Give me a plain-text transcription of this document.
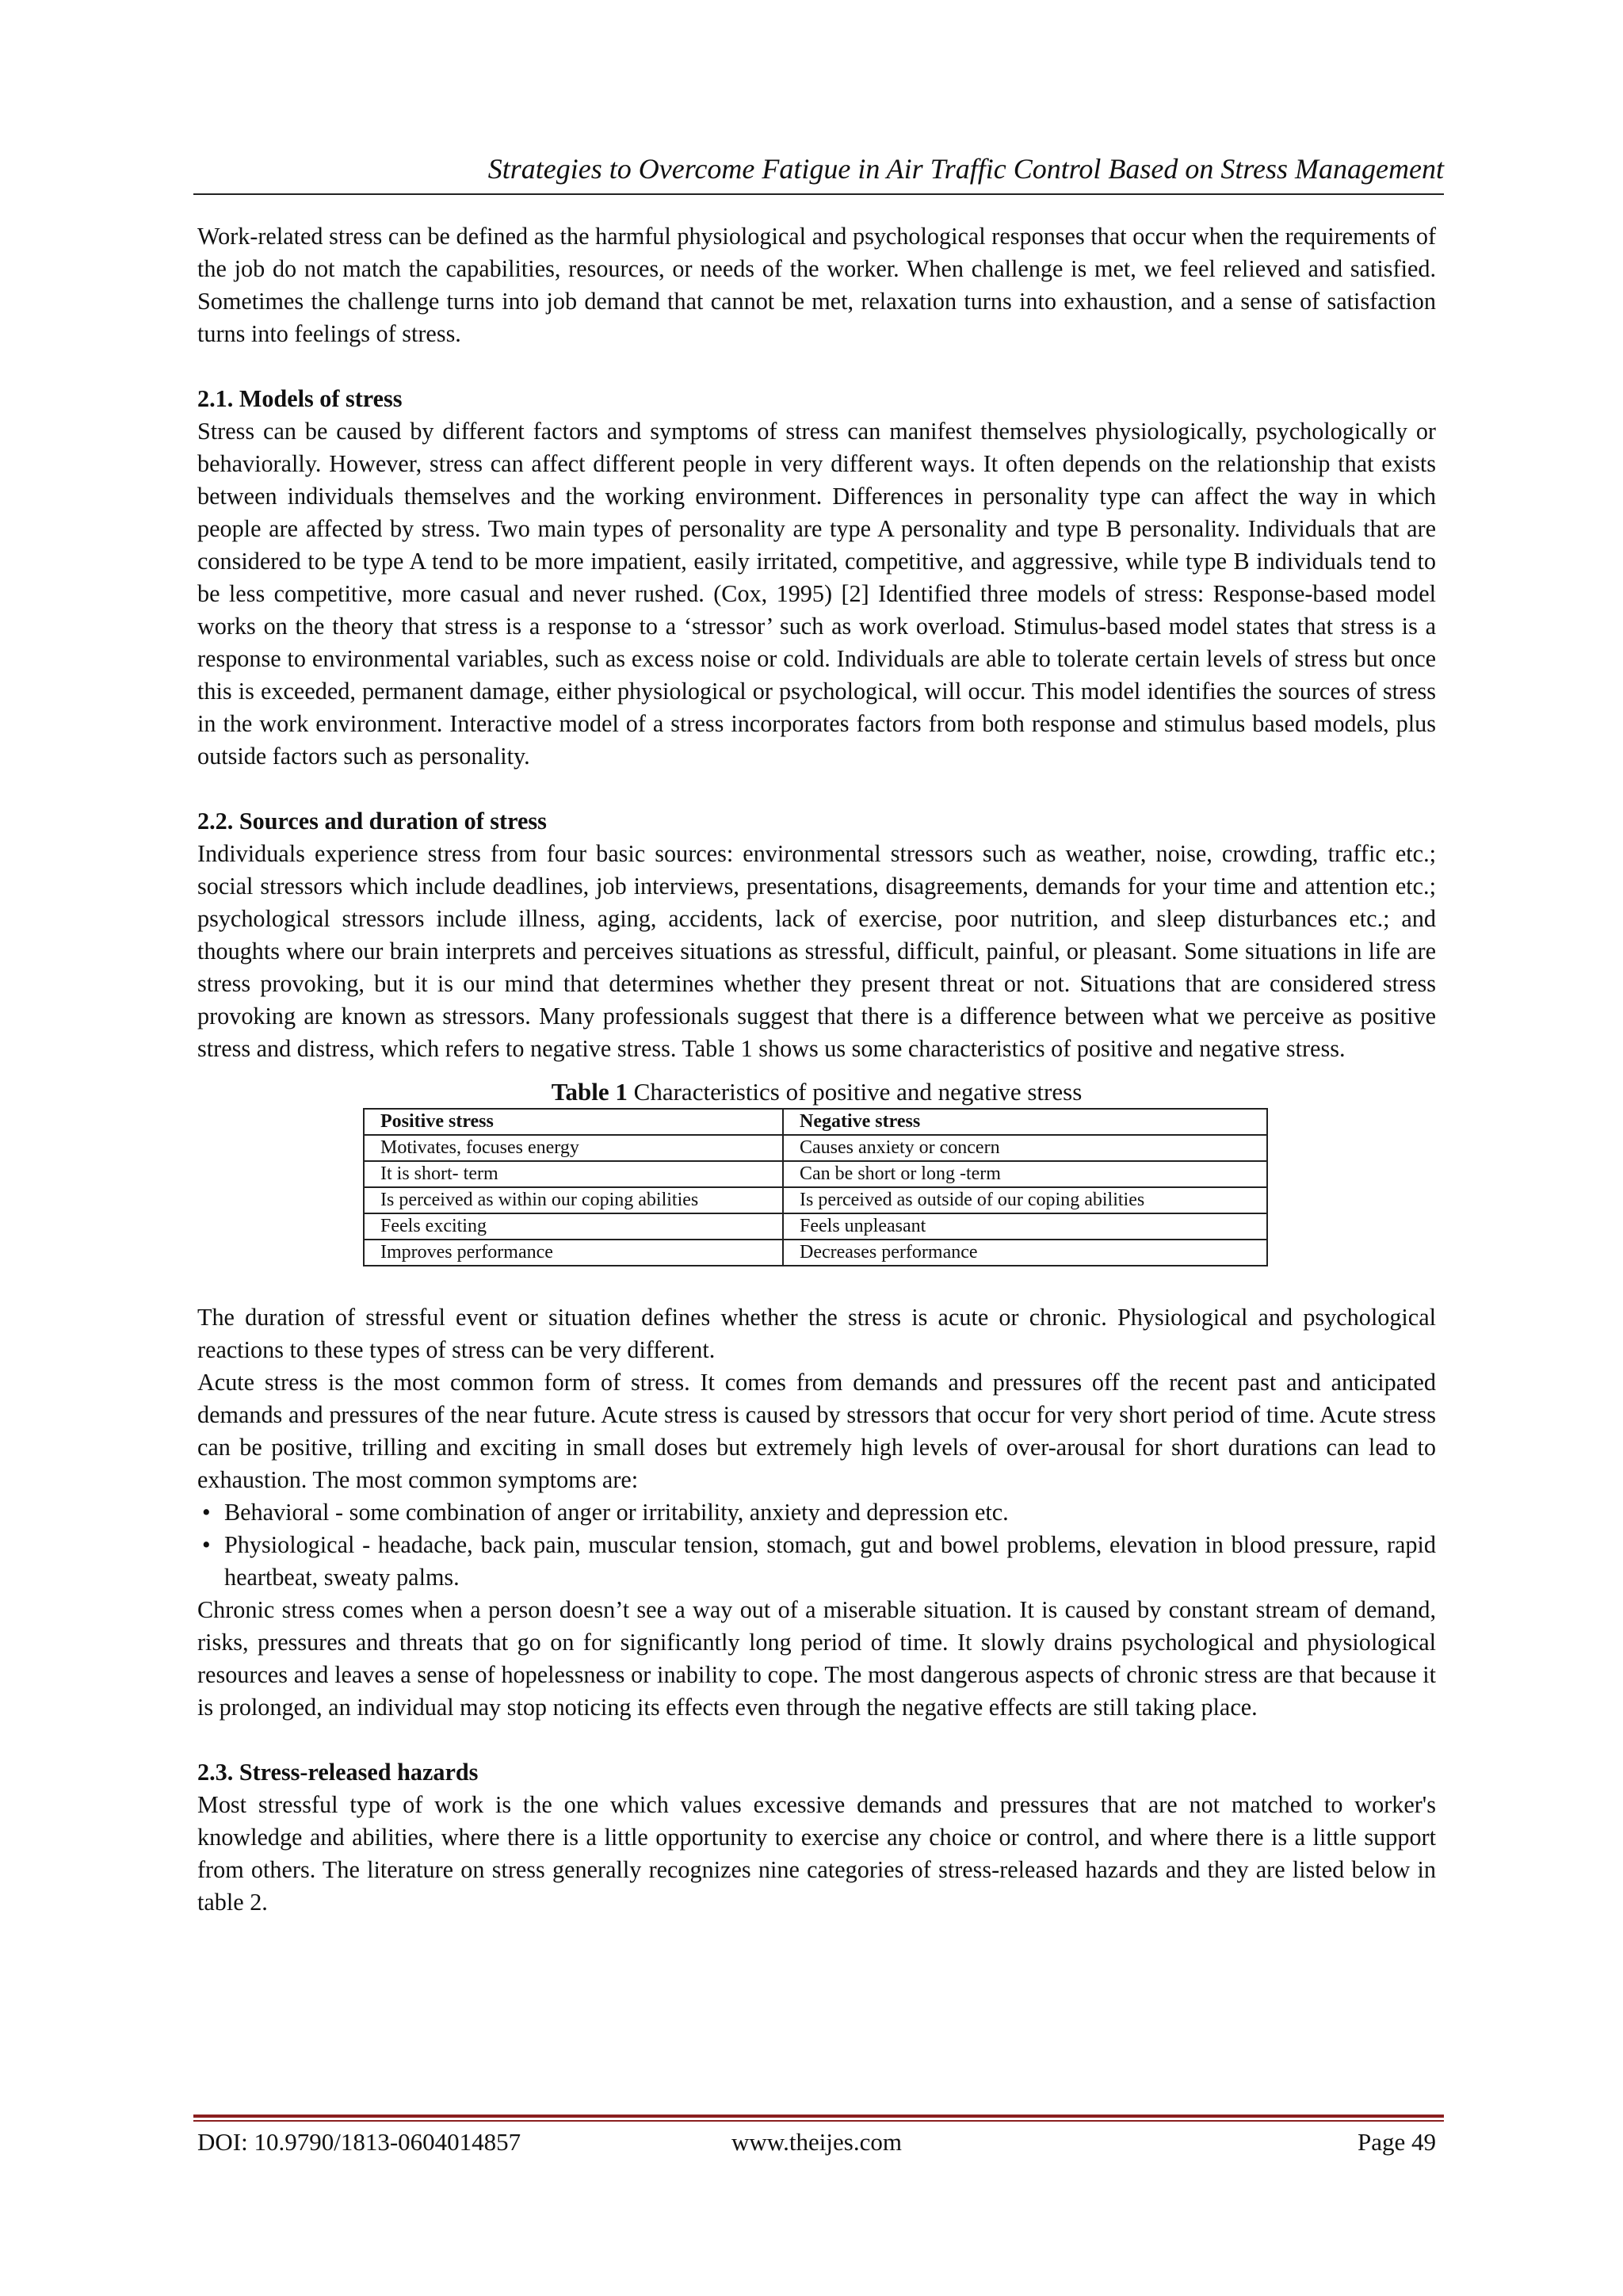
Strategies to Overcome Fatigue in Air Traffic Control Based on Stress Management

Work-related stress can be defined as the harmful physiological and psychological responses that occur when the requirements of the job do not match the capabilities, resources, or needs of the worker. When challenge is met, we feel relieved and satisfied. Sometimes the challenge turns into job demand that cannot be met, relaxation turns into exhaustion, and a sense of satisfaction turns into feelings of stress.

2.1. Models of stress

Stress can be caused by different factors and symptoms of stress can manifest themselves physiologically, psychologically or behaviorally. However, stress can affect different people in very different ways. It often depends on the relationship that exists between individuals themselves and the working environment. Differences in personality type can affect the way in which people are affected by stress. Two main types of personality are type A personality and type B personality. Individuals that are considered to be type A tend to be more impatient, easily irritated, competitive, and aggressive, while type B individuals tend to be less competitive, more casual and never rushed. (Cox, 1995) [2] Identified three models of stress: Response-based model works on the theory that stress is a response to a ‘stressor’ such as work overload. Stimulus-based model states that stress is a response to environmental variables, such as excess noise or cold. Individuals are able to tolerate certain levels of stress but once this is exceeded, permanent damage, either physiological or psychological, will occur. This model identifies the sources of stress in the work environment. Interactive model of a stress incorporates factors from both response and stimulus based models, plus outside factors such as personality.

2.2. Sources and duration of stress

Individuals experience stress from four basic sources: environmental stressors such as weather, noise, crowding, traffic etc.; social stressors which include deadlines, job interviews, presentations, disagreements, demands for your time and attention etc.; psychological stressors include illness, aging, accidents, lack of exercise, poor nutrition, and sleep disturbances etc.; and thoughts where our brain interprets and perceives situations as stressful, difficult, painful, or pleasant. Some situations in life are stress provoking, but it is our mind that determines whether they present threat or not. Situations that are considered stress provoking are known as stressors. Many professionals suggest that there is a difference between what we perceive as positive stress and distress, which refers to negative stress. Table 1 shows us some characteristics of positive and negative stress.

Table 1 Characteristics of positive and negative stress
Positive stress	Negative stress
Motivates, focuses energy	Causes anxiety or concern
It is short- term	Can be short or long -term
Is perceived as within our coping abilities	Is perceived as outside of our coping abilities
Feels exciting	Feels unpleasant
Improves performance	Decreases performance

The duration of stressful event or situation defines whether the stress is acute or chronic. Physiological and psychological reactions to these types of stress can be very different.

Acute stress is the most common form of stress. It comes from demands and pressures off the recent past and anticipated demands and pressures of the near future. Acute stress is caused by stressors that occur for very short period of time. Acute stress can be positive, trilling and exciting in small doses but extremely high levels of over-arousal for short durations can lead to exhaustion. The most common symptoms are:

• Behavioral - some combination of anger or irritability, anxiety and depression etc.
• Physiological - headache, back pain, muscular tension, stomach, gut and bowel problems, elevation in blood pressure, rapid heartbeat, sweaty palms.

Chronic stress comes when a person doesn’t see a way out of a miserable situation. It is caused by constant stream of demand, risks, pressures and threats that go on for significantly long period of time. It slowly drains psychological and physiological resources and leaves a sense of hopelessness or inability to cope. The most dangerous aspects of chronic stress are that because it is prolonged, an individual may stop noticing its effects even through the negative effects are still taking place.

2.3. Stress-released hazards

Most stressful type of work is the one which values excessive demands and pressures that are not matched to worker's knowledge and abilities, where there is a little opportunity to exercise any choice or control, and where there is a little support from others. The literature on stress generally recognizes nine categories of stress-released hazards and they are listed below in table 2.

DOI: 10.9790/1813-0604014857	www.theijes.com	Page 49
